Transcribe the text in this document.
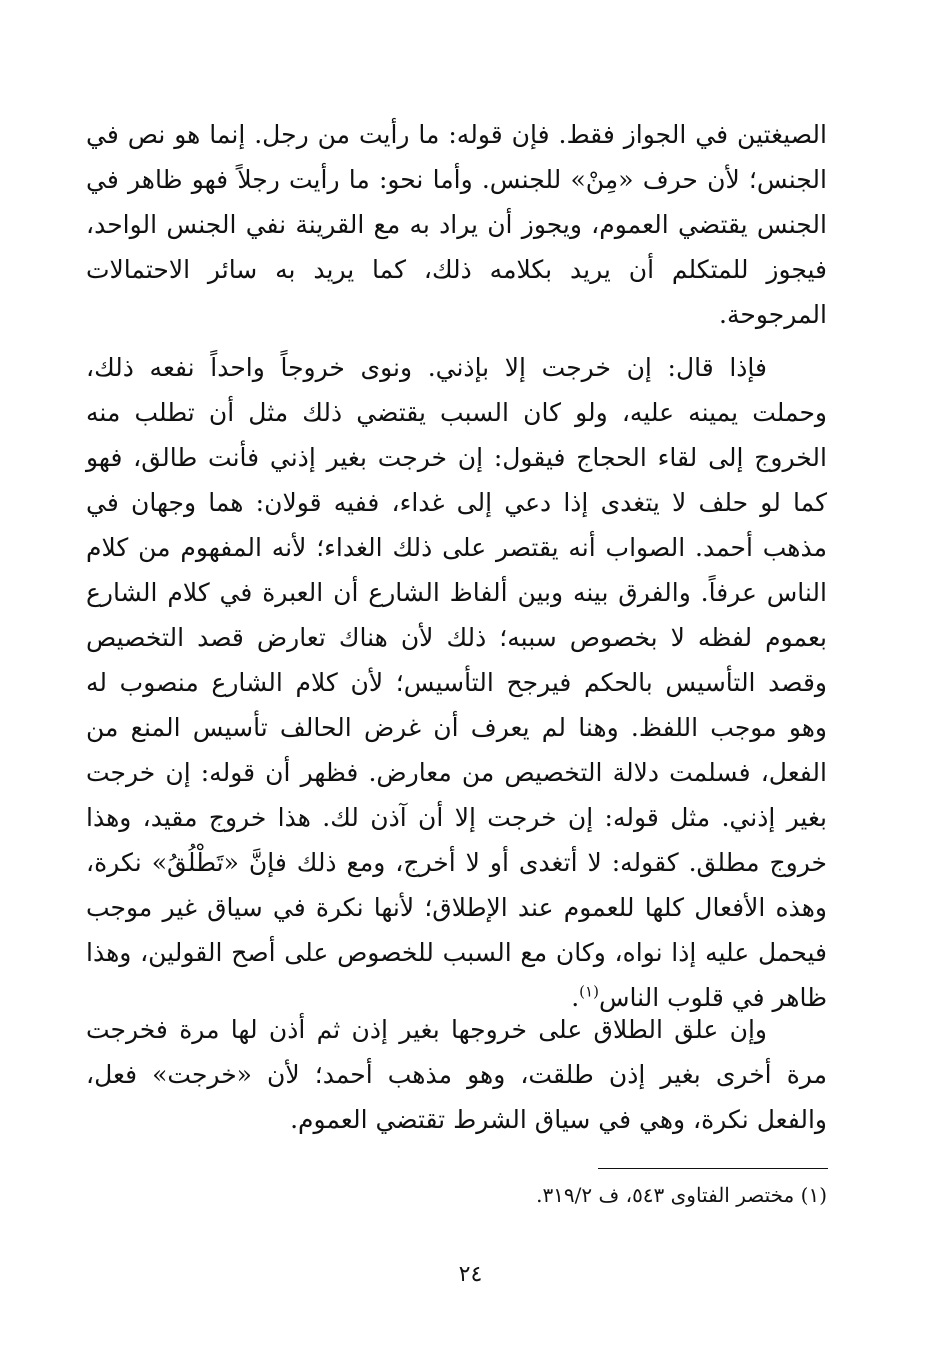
الصيغتين في الجواز فقط. فإن قوله: ما رأيت من رجل. إنما هو نص في الجنس؛ لأن حرف «مِنْ» للجنس. وأما نحو: ما رأيت رجلاً فهو ظاهر في الجنس يقتضي العموم، ويجوز أن يراد به مع القرينة نفي الجنس الواحد، فيجوز للمتكلم أن يريد بكلامه ذلك، كما يريد به سائر الاحتمالات المرجوحة.

فإذا قال: إن خرجت إلا بإذني. ونوى خروجاً واحداً نفعه ذلك، وحملت يمينه عليه، ولو كان السبب يقتضي ذلك مثل أن تطلب منه الخروج إلى لقاء الحجاج فيقول: إن خرجت بغير إذني فأنت طالق، فهو كما لو حلف لا يتغدى إذا دعي إلى غداء، ففيه قولان: هما وجهان في مذهب أحمد. الصواب أنه يقتصر على ذلك الغداء؛ لأنه المفهوم من كلام الناس عرفاً. والفرق بينه وبين ألفاظ الشارع أن العبرة في كلام الشارع بعموم لفظه لا بخصوص سببه؛ ذلك لأن هناك تعارض قصد التخصيص وقصد التأسيس بالحكم فيرجح التأسيس؛ لأن كلام الشارع منصوب له وهو موجب اللفظ. وهنا لم يعرف أن غرض الحالف تأسيس المنع من الفعل، فسلمت دلالة التخصيص من معارض. فظهر أن قوله: إن خرجت بغير إذني. مثل قوله: إن خرجت إلا أن آذن لك. هذا خروج مقيد، وهذا خروج مطلق. كقوله: لا أتغدى أو لا أخرج، ومع ذلك فإنَّ «تَطْلُقُ» نكرة، وهذه الأفعال كلها للعموم عند الإطلاق؛ لأنها نكرة في سياق غير موجب فيحمل عليه إذا نواه، وكان مع السبب للخصوص على أصح القولين، وهذا ظاهر في قلوب الناس$^{(١)}$.

وإن علق الطلاق على خروجها بغير إذن ثم أذن لها مرة فخرجت مرة أخرى بغير إذن طلقت، وهو مذهب أحمد؛ لأن «خرجت» فعل، والفعل نكرة، وهي في سياق الشرط تقتضي العموم.

(١) مختصر الفتاوى ٥٤٣، ف ٣١٩/٢.

٢٤
